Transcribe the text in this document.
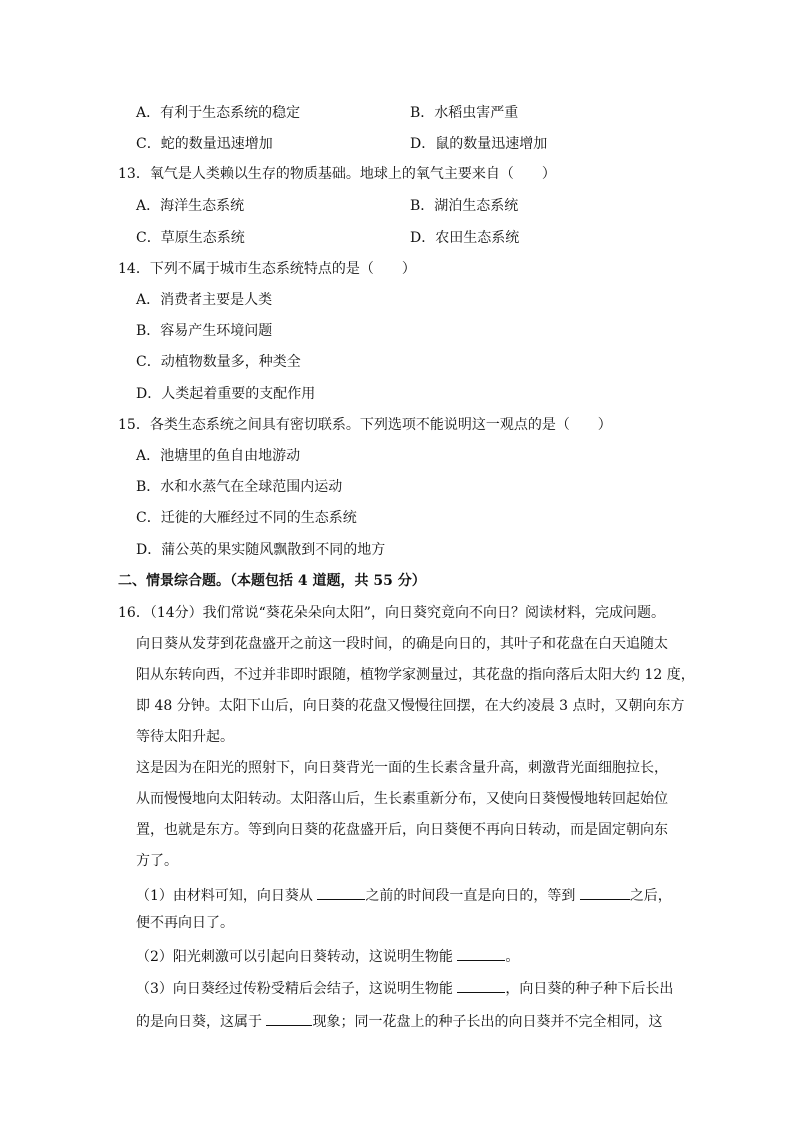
A．有利于生态系统的稳定	B．水稻虫害严重
C．蛇的数量迅速增加	D．鼠的数量迅速增加
13．氧气是人类赖以生存的物质基础。地球上的氧气主要来自（　　）
A．海洋生态系统	B．湖泊生态系统
C．草原生态系统	D．农田生态系统
14．下列不属于城市生态系统特点的是（　　）
A．消费者主要是人类
B．容易产生环境问题
C．动植物数量多，种类全
D．人类起着重要的支配作用
15．各类生态系统之间具有密切联系。下列选项不能说明这一观点的是（　　）
A．池塘里的鱼自由地游动
B．水和水蒸气在全球范围内运动
C．迁徙的大雁经过不同的生态系统
D．蒲公英的果实随风飘散到不同的地方
二、情景综合题。（本题包括 4 道题，共 55 分）
16．（14分）我们常说“葵花朵朵向太阳”，向日葵究竟向不向日？阅读材料，完成问题。
向日葵从发芽到花盘盛开之前这一段时间，的确是向日的，其叶子和花盘在白天追随太
阳从东转向西，不过并非即时跟随，植物学家测量过，其花盘的指向落后太阳大约 12 度，
即 48 分钟。太阳下山后，向日葵的花盘又慢慢往回摆，在大约凌晨 3 点时，又朝向东方
等待太阳升起。
这是因为在阳光的照射下，向日葵背光一面的生长素含量升高，刺激背光面细胞拉长，
从而慢慢地向太阳转动。太阳落山后，生长素重新分布，又使向日葵慢慢地转回起始位
置，也就是东方。等到向日葵的花盘盛开后，向日葵便不再向日转动，而是固定朝向东
方了。
（1）由材料可知，向日葵从	之前的时间段一直是向日的，等到	之后，
便不再向日了。
（2）阳光刺激可以引起向日葵转动，这说明生物能	。
（3）向日葵经过传粉受精后会结子，这说明生物能	，向日葵的种子种下后长出
的是向日葵，这属于	现象；同一花盘上的种子长出的向日葵并不完全相同，这
